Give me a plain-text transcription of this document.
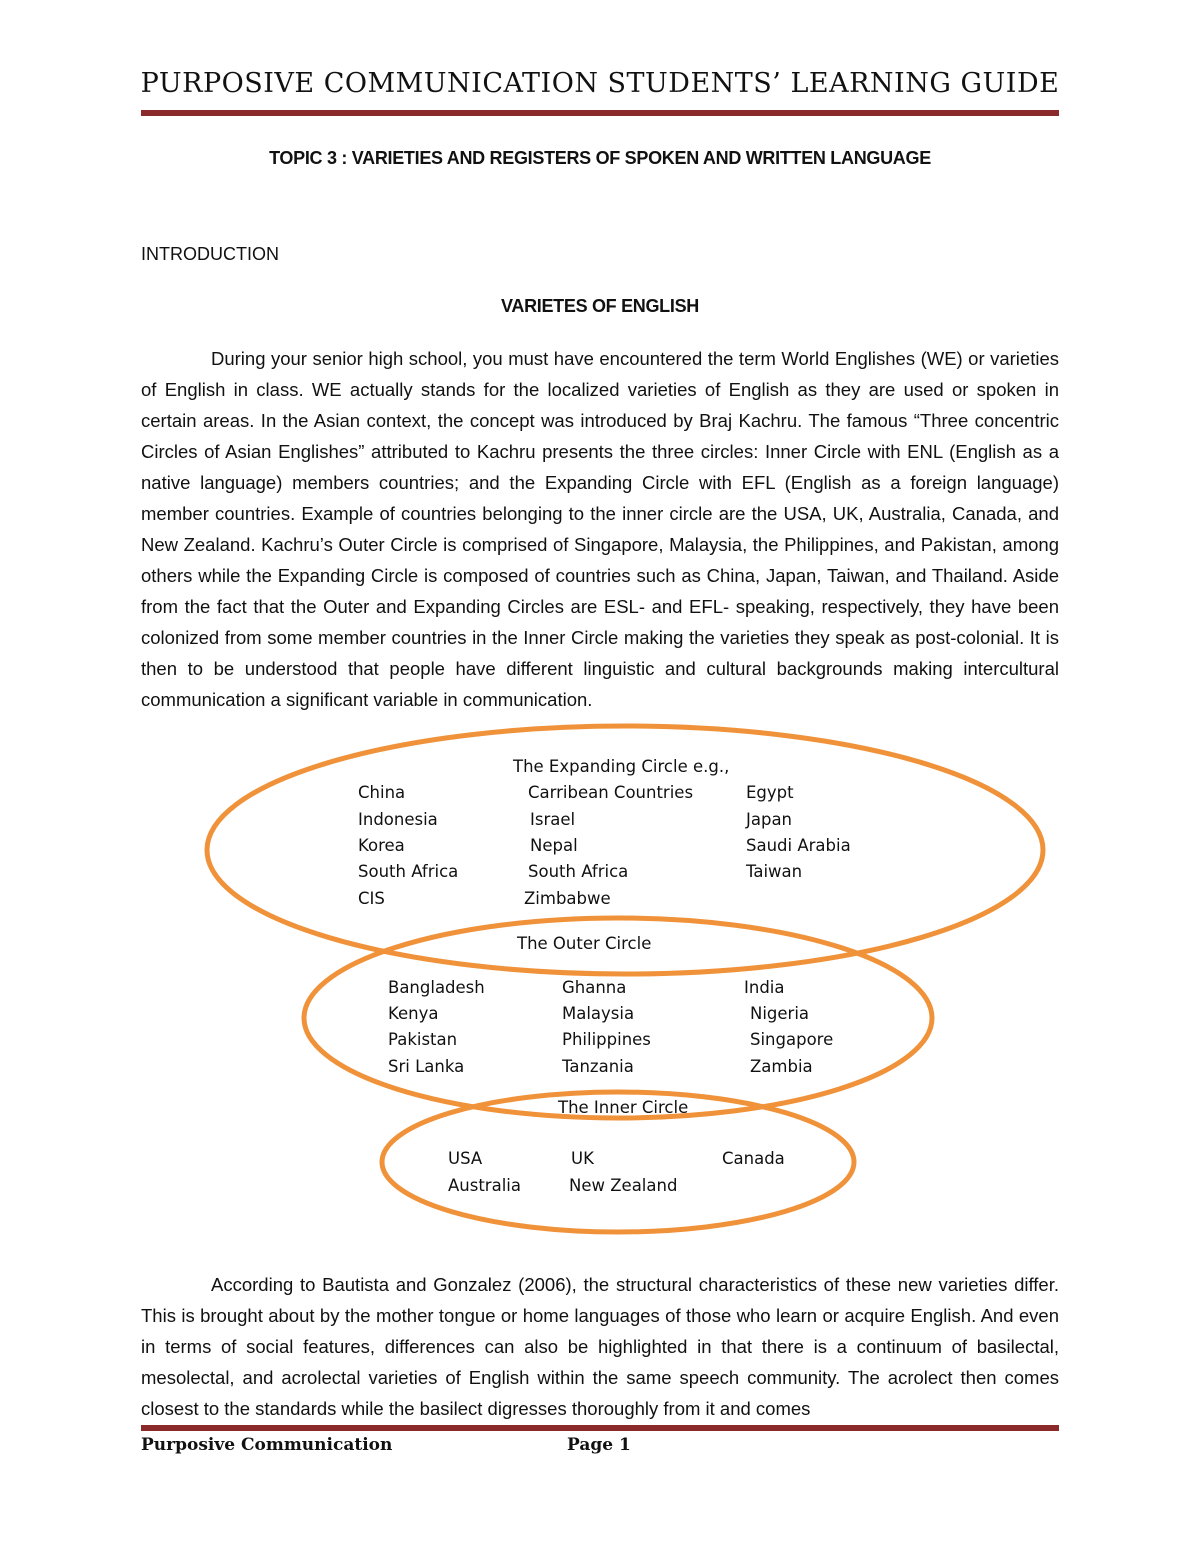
PURPOSIVE COMMUNICATION STUDENTS’ LEARNING GUIDE
TOPIC 3 : VARIETIES AND REGISTERS OF SPOKEN AND WRITTEN LANGUAGE
INTRODUCTION
VARIETES OF ENGLISH
During your senior high school, you must have encountered the term World Englishes (WE) or varieties of English in class. WE actually stands for the localized varieties of English as they are used or spoken in certain areas. In the Asian context, the concept was introduced by Braj Kachru. The famous “Three concentric Circles of Asian Englishes” attributed to Kachru presents the three circles: Inner Circle with ENL (English as a native language) members countries; and the Expanding Circle with EFL (English as a foreign language) member countries. Example of countries belonging to the inner circle are the USA, UK, Australia, Canada, and New Zealand. Kachru’s Outer Circle is comprised of Singapore, Malaysia, the Philippines, and Pakistan, among others while the Expanding Circle is composed of countries such as China, Japan, Taiwan, and Thailand. Aside from the fact that the Outer and Expanding Circles are ESL- and EFL- speaking, respectively, they have been colonized from some member countries in the Inner Circle making the varieties they speak as post-colonial. It is then to be understood that people have different linguistic and cultural backgrounds making intercultural communication a significant variable in communication.
The Expanding Circle e.g.,
China	Carribean Countries	Egypt
Indonesia	Israel	Japan
Korea	Nepal	Saudi Arabia
South Africa	South Africa	Taiwan
CIS	Zimbabwe
The Outer Circle
Bangladesh	Ghanna	India
Kenya	Malaysia	Nigeria
Pakistan	Philippines	Singapore
Sri Lanka	Tanzania	Zambia
The Inner Circle
USA	UK	Canada
Australia	New Zealand
According to Bautista and Gonzalez (2006), the structural characteristics of these new varieties differ. This is brought about by the mother tongue or home languages of those who learn or acquire English. And even in terms of social features, differences can also be highlighted in that there is a continuum of basilectal, mesolectal, and acrolectal varieties of English within the same speech community. The acrolect then comes closest to the standards while the basilect digresses thoroughly from it and comes
Purposive Communication	Page 1
